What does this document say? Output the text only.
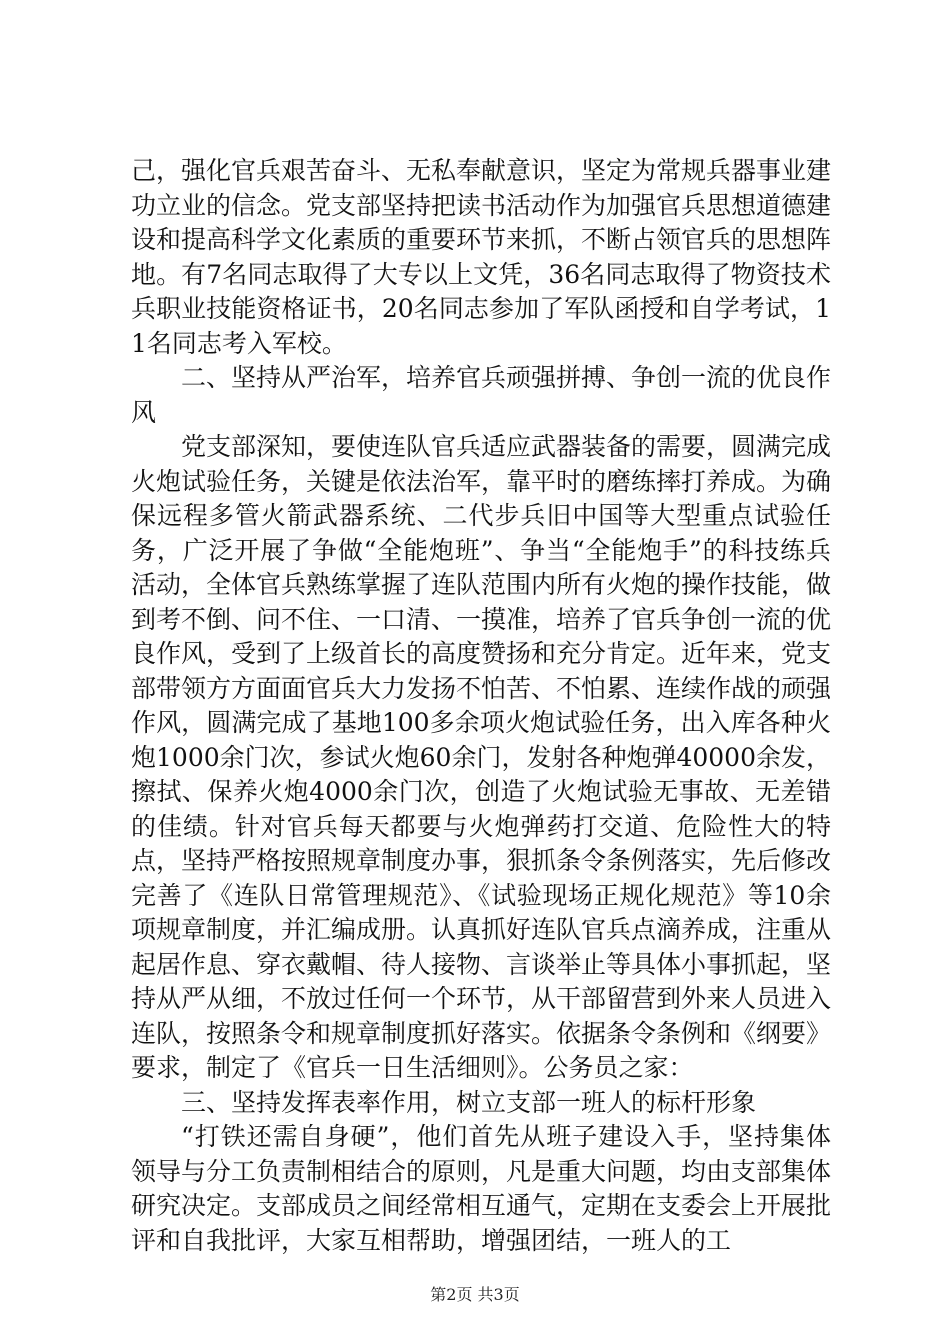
己，强化官兵艰苦奋斗、无私奉献意识，坚定为常规兵器事业建功立业的信念。党支部坚持把读书活动作为加强官兵思想道德建设和提高科学文化素质的重要环节来抓，不断占领官兵的思想阵地。有7名同志取得了大专以上文凭，36名同志取得了物资技术兵职业技能资格证书，20名同志参加了军队函授和自学考试，11名同志考入军校。

二、坚持从严治军，培养官兵顽强拼搏、争创一流的优良作风

党支部深知，要使连队官兵适应武器装备的需要，圆满完成火炮试验任务，关键是依法治军，靠平时的磨练摔打养成。为确保远程多管火箭武器系统、二代步兵旧中国等大型重点试验任务，广泛开展了争做“全能炮班”、争当“全能炮手”的科技练兵活动，全体官兵熟练掌握了连队范围内所有火炮的操作技能，做到考不倒、问不住、一口清、一摸准，培养了官兵争创一流的优良作风，受到了上级首长的高度赞扬和充分肯定。近年来，党支部带领方方面面官兵大力发扬不怕苦、不怕累、连续作战的顽强作风，圆满完成了基地100多余项火炮试验任务，出入库各种火炮1000余门次，参试火炮60余门，发射各种炮弹40000余发，擦拭、保养火炮4000余门次，创造了火炮试验无事故、无差错的佳绩。针对官兵每天都要与火炮弹药打交道、危险性大的特点，坚持严格按照规章制度办事，狠抓条令条例落实，先后修改完善了《连队日常管理规范》、《试验现场正规化规范》等10余项规章制度，并汇编成册。认真抓好连队官兵点滴养成，注重从起居作息、穿衣戴帽、待人接物、言谈举止等具体小事抓起，坚持从严从细，不放过任何一个环节，从干部留营到外来人员进入连队，按照条令和规章制度抓好落实。依据条令条例和《纲要》要求，制定了《官兵一日生活细则》。公务员之家：

三、坚持发挥表率作用，树立支部一班人的标杆形象

“打铁还需自身硬”，他们首先从班子建设入手，坚持集体领导与分工负责制相结合的原则，凡是重大问题，均由支部集体研究决定。支部成员之间经常相互通气，定期在支委会上开展批评和自我批评，大家互相帮助，增强团结，一班人的工

第2页 共3页
